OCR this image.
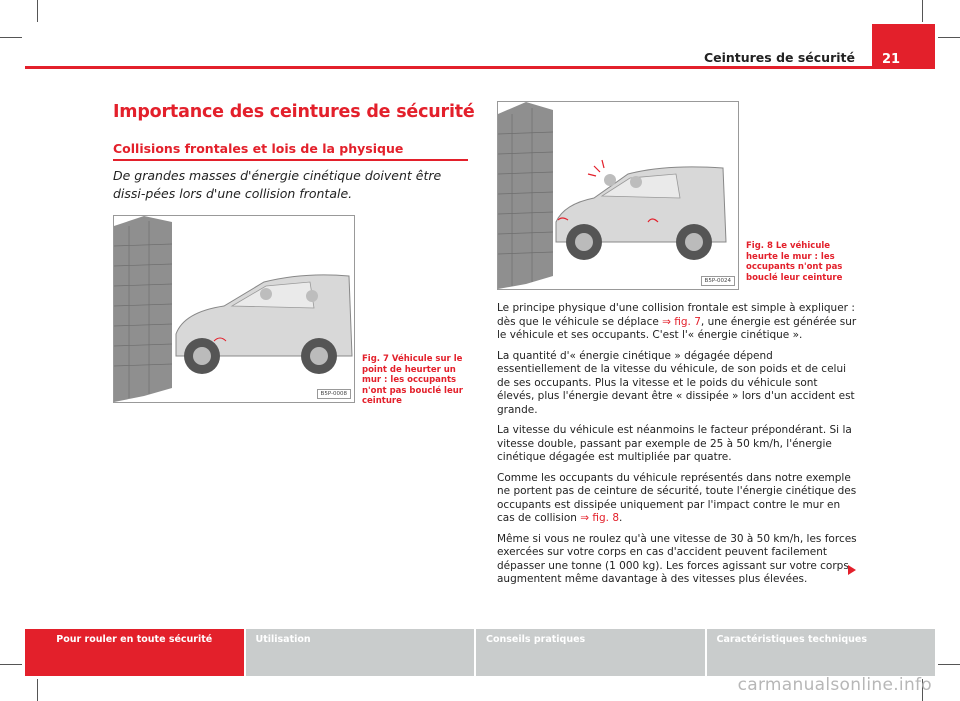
Ceintures de sécurité	21
Importance des ceintures de sécurité
Collisions frontales et lois de la physique
De grandes masses d'énergie cinétique doivent être dissi-pées lors d'une collision frontale.
B5P-0008
Fig. 7 Véhicule sur le point de heurter un mur : les occupants n'ont pas bouclé leur ceinture
B5P-0024
Fig. 8 Le véhicule heurte le mur : les occupants n'ont pas bouclé leur ceinture

Le principe physique d'une collision frontale est simple à expliquer : dès que le véhicule se déplace ⇒ fig. 7, une énergie est générée sur le véhicule et ses occupants. C'est l'« énergie cinétique ».

La quantité d'« énergie cinétique » dégagée dépend essentiellement de la vitesse du véhicule, de son poids et de celui de ses occupants. Plus la vitesse et le poids du véhicule sont élevés, plus l'énergie devant être « dissipée » lors d'un accident est grande.

La vitesse du véhicule est néanmoins le facteur prépondérant. Si la vitesse double, passant par exemple de 25 à 50 km/h, l'énergie cinétique dégagée est multipliée par quatre.

Comme les occupants du véhicule représentés dans notre exemple ne portent pas de ceinture de sécurité, toute l'énergie cinétique des occupants est dissipée uniquement par l'impact contre le mur en cas de collision ⇒ fig. 8.

Même si vous ne roulez qu'à une vitesse de 30 à 50 km/h, les forces exercées sur votre corps en cas d'accident peuvent facilement dépasser une tonne (1 000 kg). Les forces agissant sur votre corps augmentent même davantage à des vitesses plus élevées.

Pour rouler en toute sécurité	Utilisation	Conseils pratiques	Caractéristiques techniques
carmanualsonline.info
